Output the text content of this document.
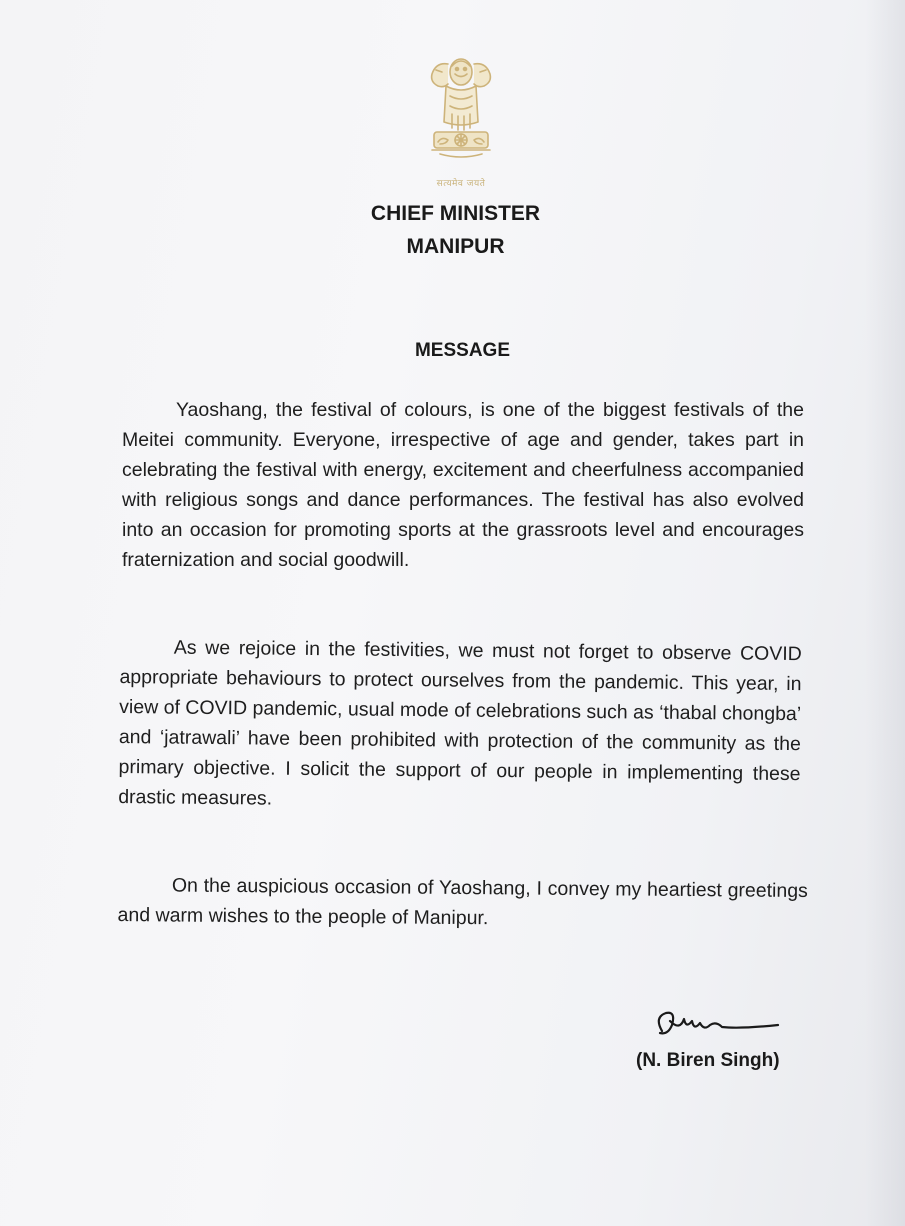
सत्यमेव जयते
CHIEF MINISTER
MANIPUR
MESSAGE

Yaoshang, the festival of colours, is one of the biggest festivals of the Meitei community. Everyone, irrespective of age and gender, takes part in celebrating the festival with energy, excitement and cheerfulness accompanied with religious songs and dance performances. The festival has also evolved into an occasion for promoting sports at the grassroots level and encourages fraternization and social goodwill.

As we rejoice in the festivities, we must not forget to observe COVID appropriate behaviours to protect ourselves from the pandemic. This year, in view of COVID pandemic, usual mode of celebrations such as ‘thabal chongba’ and ‘jatrawali’ have been prohibited with protection of the community as the primary objective. I solicit the support of our people in implementing these drastic measures.

On the auspicious occasion of Yaoshang, I convey my heartiest greetings and warm wishes to the people of Manipur.

(N. Biren Singh)
